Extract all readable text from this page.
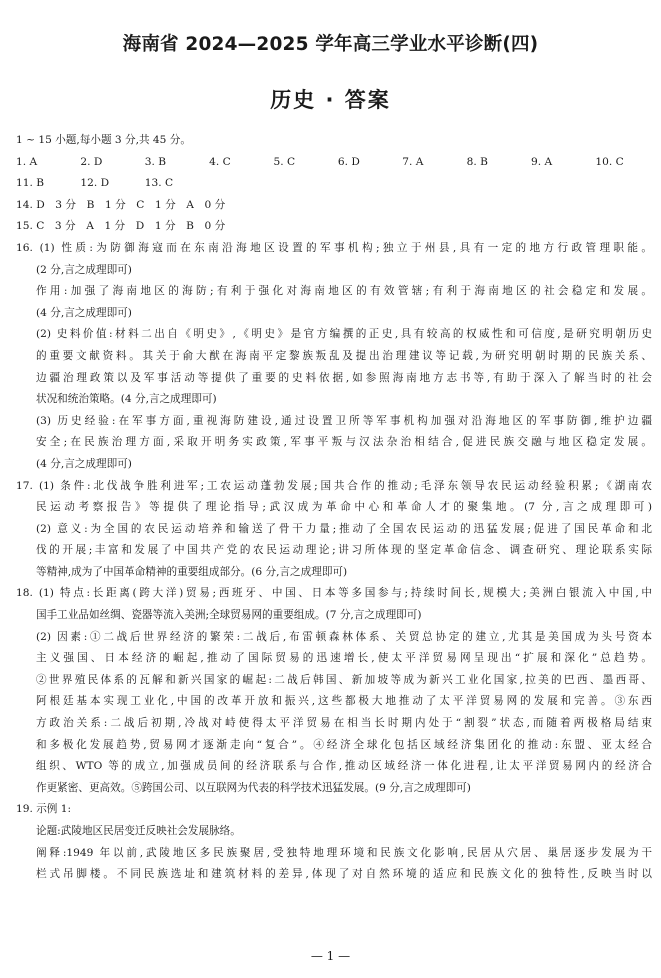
海南省 2024—2025 学年高三学业水平诊断(四)
历史 · 答案
1 ~ 15 小题,每小题 3 分,共 45 分。
1. A	2. D	3. B	4. C	5. C	6. D	7. A	8. B	9. A	10. C
11. B	12. D	13. C
14. D　3 分　B　1 分　C　1 分　A　0 分
15. C　3 分　A　1 分　D　1 分　B　0 分
16. (1) 性质:为防御海寇而在东南沿海地区设置的军事机构;独立于州县,具有一定的地方行政管理职能。
(2 分,言之成理即可)
作用:加强了海南地区的海防;有利于强化对海南地区的有效管辖;有利于海南地区的社会稳定和发展。
(4 分,言之成理即可)
(2) 史料价值:材料二出自《明史》,《明史》是官方编撰的正史,具有较高的权威性和可信度,是研究明朝历史
的重要文献资料。其关于俞大猷在海南平定黎族叛乱及提出治理建议等记载,为研究明朝时期的民族关系、
边疆治理政策以及军事活动等提供了重要的史料依据,如参照海南地方志书等,有助于深入了解当时的社会
状况和统治策略。(4 分,言之成理即可)
(3) 历史经验:在军事方面,重视海防建设,通过设置卫所等军事机构加强对沿海地区的军事防御,维护边疆
安全;在民族治理方面,采取开明务实政策,军事平叛与汉法杂治相结合,促进民族交融与地区稳定发展。
(4 分,言之成理即可)
17. (1) 条件:北伐战争胜利进军;工农运动蓬勃发展;国共合作的推动;毛泽东领导农民运动经验积累;《湖南农
民运动考察报告》等提供了理论指导;武汉成为革命中心和革命人才的聚集地。(7 分,言之成理即可)
(2) 意义:为全国的农民运动培养和输送了骨干力量;推动了全国农民运动的迅猛发展;促进了国民革命和北
伐的开展;丰富和发展了中国共产党的农民运动理论;讲习所体现的坚定革命信念、调查研究、理论联系实际
等精神,成为了中国革命精神的重要组成部分。(6 分,言之成理即可)
18. (1) 特点:长距离(跨大洋)贸易;西班牙、中国、日本等多国参与;持续时间长,规模大;美洲白银流入中国,中
国手工业品如丝绸、瓷器等流入美洲;全球贸易网的重要组成。(7 分,言之成理即可)
(2) 因素:①二战后世界经济的繁荣:二战后,布雷顿森林体系、关贸总协定的建立,尤其是美国成为头号资本
主义强国、日本经济的崛起,推动了国际贸易的迅速增长,使太平洋贸易网呈现出“扩展和深化”总趋势。
②世界殖民体系的瓦解和新兴国家的崛起:二战后韩国、新加坡等成为新兴工业化国家,拉美的巴西、墨西哥、
阿根廷基本实现工业化,中国的改革开放和振兴,这些都极大地推动了太平洋贸易网的发展和完善。③东西
方政治关系:二战后初期,冷战对峙使得太平洋贸易在相当长时期内处于“割裂”状态,而随着两极格局结束
和多极化发展趋势,贸易网才逐渐走向“复合”。④经济全球化包括区域经济集团化的推动:东盟、亚太经合
组织、WTO 等的成立,加强成员间的经济联系与合作,推动区域经济一体化进程,让太平洋贸易网内的经济合
作更紧密、更高效。⑤跨国公司、以互联网为代表的科学技术迅猛发展。(9 分,言之成理即可)
19. 示例 1:
论题:武陵地区民居变迁反映社会发展脉络。
阐释:1949 年以前,武陵地区多民族聚居,受独特地理环境和民族文化影响,民居从穴居、巢居逐步发展为干
栏式吊脚楼。不同民族选址和建筑材料的差异,体现了对自然环境的适应和民族文化的独特性,反映当时以
— 1 —
